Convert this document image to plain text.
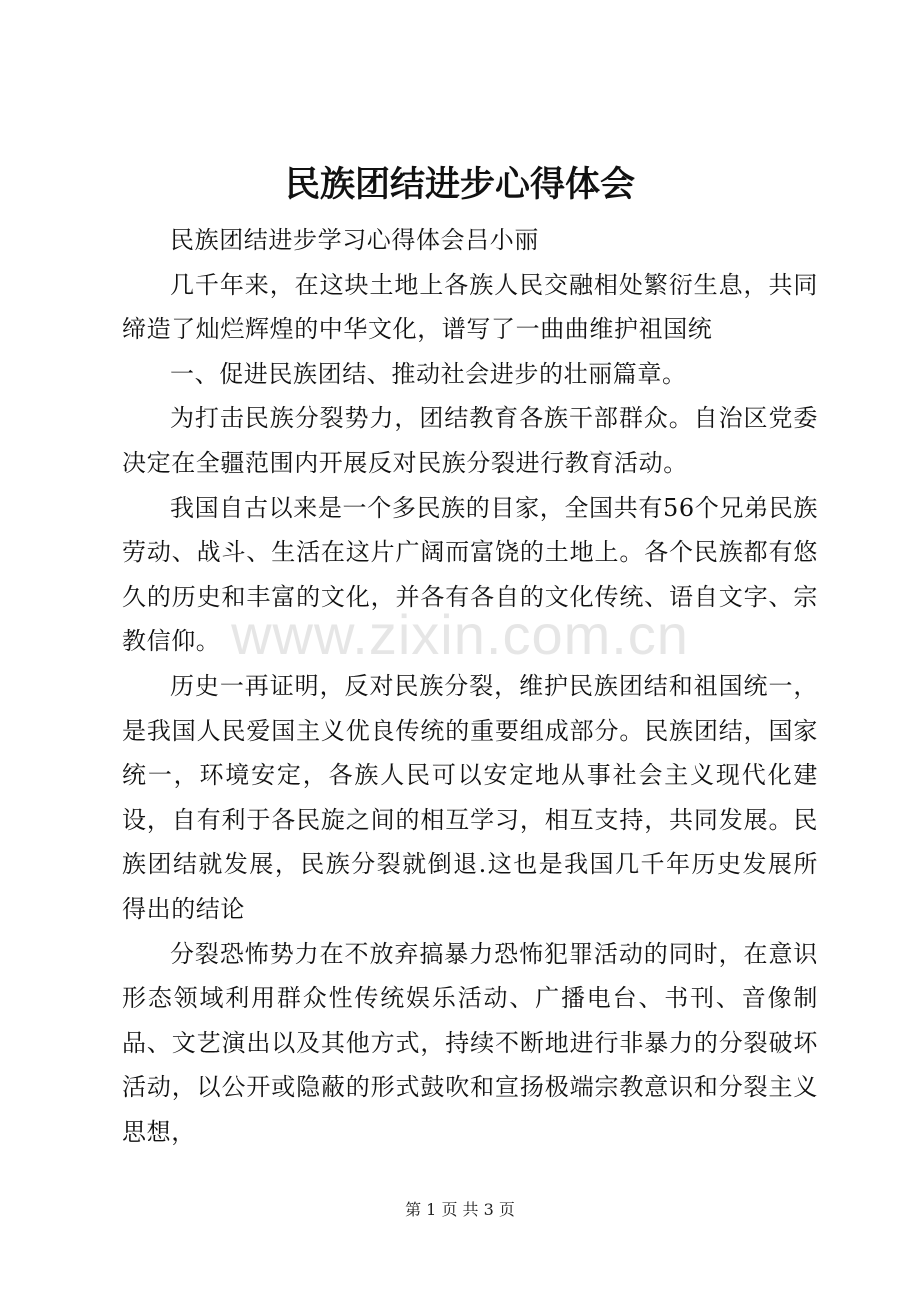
民族团结进步心得体会

民族团结进步学习心得体会吕小丽

几千年来，在这块土地上各族人民交融相处繁衍生息，共同缔造了灿烂辉煌的中华文化，谱写了一曲曲维护祖国统

一、促进民族团结、推动社会进步的壮丽篇章。

为打击民族分裂势力，团结教育各族干部群众。自治区党委决定在全疆范围内开展反对民族分裂进行教育活动。

我国自古以来是一个多民族的目家，全国共有56个兄弟民族劳动、战斗、生活在这片广阔而富饶的土地上。各个民族都有悠久的历史和丰富的文化，并各有各自的文化传统、语自文字、宗教信仰。

历史一再证明，反对民族分裂，维护民族团结和祖国统一，是我国人民爱国主义优良传统的重要组成部分。民族团结，国家统一，环境安定，各族人民可以安定地从事社会主义现代化建设，自有利于各民旋之间的相互学习，相互支持，共同发展。民族团结就发展，民族分裂就倒退.这也是我国几千年历史发展所得出的结论

分裂恐怖势力在不放弃搞暴力恐怖犯罪活动的同时，在意识形态领域利用群众性传统娱乐活动、广播电台、书刊、音像制品、文艺演出以及其他方式，持续不断地进行非暴力的分裂破坏活动，以公开或隐蔽的形式鼓吹和宣扬极端宗教意识和分裂主义思想，

www.zixin.com.cn
第 1 页 共 3 页
